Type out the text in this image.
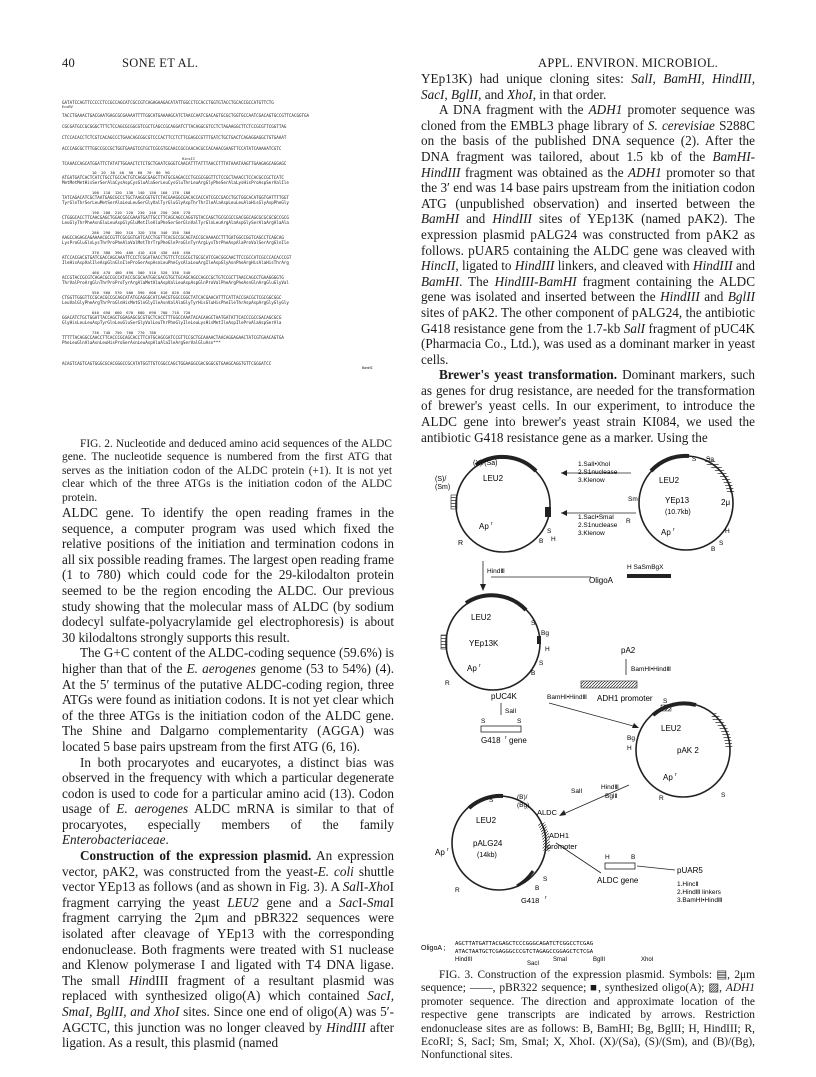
40	SONE ET AL.	APPL. ENVIRON. MICROBIOL.
GATATCCAGTTCCCCCTCCGCCAGCATCGCCGTCAGAGAAGACATATTGGCCTCCACCTGGTGTACCTGCACCGCCATGTTCTG
EcoRV
TACCTGAAACTGACGAATGAGCGCGAAAATTTTGGCATGAAAAGCATCTAACCAATCGACAGTGCGCTGGTGCCAATCGACAGTGCCGTTCACGGTGA
CGCGATGCCGCGGGCTTTCTCCAGCGCGGCGTCGCTCAGCCGCAGGATCTTACAGGCGTCCTCTAGAAGGCTTCTCCGCGTTCGGTTAG
CTCCACACCTCTCGTCACAGCCCTGAACAGCGGCGTCCCACTTCCTCTTCGAGCCGTTTGATCTGCTGACTCAGAGGAGGCTGTGAAAT
ACCCAGCGCTTTGGCCGCCGCTGGTGAAGTCGTGCTCGCGTGCAACCGCCAACACGCCACAAACGAAGTTCCATATCAAAAATCGTC
HincII
TCAAACCAGCATGGATTCTATATTGGAACTCTCTGCTGAATCGGGTCAACATTTATTTAACCTTTATAAATAAGTTGAAGAGCAGGAGC
10  20  30  40  50  60  70  80  90
ATGATGATCACTCATCTGCCTGCCACTGTCAGGCGAGCTTATGCGAGACCCTGCGCGGGTTCTCCGCTAAACCTCCACGCCGCTCATC
MetMetMetHisSerSerAlaCysAspCysGluAlaSerLeuCysGluThrLeuArgGlyPheSerAlaLysHisProAspSerValIle
100  110  120  130  140  150  160  170  180
TATCAGACATCGCTAATGAGCGCCCTGCTAAGCGGTGTCTACGAAGGCGACACCACCATCGCCGACCTGCTGGCACATGGTGATTTTGGT
TyrGlnThrSerLeuMetSerAlaLeuLeuSerGlyValTyrGluGlyAspThrThrIleAlaAspLeuLeuAlaHisGlyAspPheGly
190  200  210  220  230  240  250  260  270
CTGGGCACCTTCAACGAGCTGGACGGCGAAATGATTGCCTTCAGCAGCCAGGTGTACCAGCTGCGCGCCGACGGCAGCGCGCGCGCCGCG
LeuGlyThrPheAsnGluLeuAspGlyGluMetIleAlaPheSerSerGlnValTyrGlnLeuArgAlaAspGlySerAlaArgAlaAla
280  290  300  310  320  330  340  350  360
AAGCCAGAGCAGAAAACGCCGTTCGCGGTGATCACCTGGTTCACGCCGCAGTACCGCAAAACCTTTGATGGCCGGTCAGCCTCAGCAG
LysProGluGlnLysThrProPheAlaValMetThrTrpPheGlnProGlnTyrArgLysThrPheAspAlaProValSerArgGlnIle
370  380  390  400  410  420  430  440  450
ATCCACGACGTGATCGACCAGCAAATTCCCTCGGATAACCTGTTCTCCGCGCTGCGCATCGACGGCAACTTCCGCCATCGCCCACACCCGT
IleHisAspValIleAspGlnGlnIleProSerAspAsnLeuPheCysAlaLeuArgIleAspGlyAsnPheArgHisAlaHisThrArg
460  470  480  490  500  510  520  530  540
ACCGTACCGCGTCAGACGCCGCCATACCGCGCAATGGCGACGTGCTGCAGCAGCCAGCCGCTGTCCGCTTAACCAGCCTGAAGGGGTG
ThrValProArgGlnThrProProTyrArgAlaMetAlaAspValLeuAspAspGlnProValPheArgPheAsnGlnArgGluGlyVal
550  560  570  580  590  600  610  620  630
CTGGTTGGGTTCCGCACGCCGCAGCATATGCAGGGCATCAACGTGGCCGGCTATCACGAACATTTCATTACCGACGCTCGCGGCGGC
LeuValGlyPheArgThrProGlnHisMetGlnGlyIleAsnValAlaGlyTyrHisGluHisPheIleThrAspAspArgGlyGlyGly
640  650  660  670  680  690  700  710  720
GGACATCTGCTGGATTACCAGCTGGAGAGCGCGTGCTCACCTTTGGCCAAATACACAAGCTAATGATATTCACCCGCCGACAGCGCG
GlyHisLeuLeuAspTyrGlnLeuGluSerGlyValLeuThrPheGlyIleLeuLysHisMetIleAspIleProAlaAspSerAla
730  740  750  760  770  780
TTTTTACAGGCCAACCTTCACCCGCAGCACCTTCATGCAGCGATCCGTTCCGCTGCAAAACTAACAGGAGAACTATCGTGAACAGTGA
PheLeuGlnAlaAsnLeuHisProSerAsnLeuAspAlaAlaIleArgSerValGluAsn***
ACAGTCAGTCAGTGGGCGCACGGGCCGCATATGGTTGTCGGCCAGCTGGAAGGCGACGGGCGTGAAGCAGGTGTTCGGGATCC
BamHI

FIG. 2. Nucleotide and deduced amino acid sequences of the ALDC gene. The nucleotide sequence is numbered from the first ATG that serves as the initiation codon of the ALDC protein (+1). It is not yet clear which of the three ATGs is the initiation codon of the ALDC protein.

ALDC gene. To identify the open reading frames in the sequence, a computer program was used which fixed the relative positions of the initiation and termination codons in all six possible reading frames. The largest open reading frame (1 to 780) which could code for the 29-kilodalton protein seemed to be the region encoding the ALDC. Our previous study showing that the molecular mass of ALDC (by sodium dodecyl sulfate-polyacrylamide gel electrophoresis) is about 30 kilodaltons strongly supports this result.

The G+C content of the ALDC-coding sequence (59.6%) is higher than that of the E. aerogenes genome (53 to 54%) (4). At the 5′ terminus of the putative ALDC-coding region, three ATGs were found as initiation codons. It is not yet clear which of the three ATGs is the initiation codon of the ALDC gene. The Shine and Dalgarno complementarity (AGGA) was located 5 base pairs upstream from the first ATG (6, 16).

In both procaryotes and eucaryotes, a distinct bias was observed in the frequency with which a particular degenerate codon is used to code for a particular amino acid (13). Codon usage of E. aerogenes ALDC mRNA is similar to that of procaryotes, especially members of the family Enterobacteriaceae.

Construction of the expression plasmid. An expression vector, pAK2, was constructed from the yeast-E. coli shuttle vector YEp13 as follows (and as shown in Fig. 3). A SalI-XhoI fragment carrying the yeast LEU2 gene and a SacI-SmaI fragment carrying the 2μm and pBR322 sequences were isolated after cleavage of YEp13 with the corresponding endonuclease. Both fragments were treated with S1 nuclease and Klenow polymerase I and ligated with T4 DNA ligase. The small HindIII fragment of a resultant plasmid was replaced with synthesized oligo(A) which contained SacI, SmaI, BglII, and XhoI sites. Since one end of oligo(A) was 5′-AGCTC, this junction was no longer cleaved by HindIII after ligation. As a result, this plasmid (named

YEp13K) had unique cloning sites: SalI, BamHI, HindIII, SacI, BglII, and XhoI, in that order.

A DNA fragment with the ADH1 promoter sequence was cloned from the EMBL3 phage library of S. cerevisiae S288C on the basis of the published DNA sequence (2). After the DNA fragment was tailored, about 1.5 kb of the BamHI-HindIII fragment was obtained as the ADH1 promoter so that the 3′ end was 14 base pairs upstream from the initiation codon ATG (unpublished observation) and inserted between the BamHI and HindIII sites of YEp13K (named pAK2). The expression plasmid pALG24 was constructed from pAK2 as follows. pUAR5 containing the ALDC gene was cleaved with HincII, ligated to HindIII linkers, and cleaved with HindIII and BamHI. The HindIII-BamHI fragment containing the ALDC gene was isolated and inserted between the HindIII and BglII sites of pAK2. The other component of pALG24, the antibiotic G418 resistance gene from the 1.7-kb SalI fragment of pUC4K (Pharmacia Co., Ltd.), was used as a dominant marker in yeast cells.

Brewer's yeast transformation. Dominant markers, such as genes for drug resistance, are needed for the transformation of brewer's yeast cells. In our experiment, to introduce the ALDC gene into brewer's yeast strain KI084, we used the antibiotic G418 resistance gene as a marker. Using the

(X)/(Sa)
(S)/
(Sm)
LEU2
Ap r
R
S
B H
LEU2
2μ
YEp13
(10.7kb)
Ap r
S Sa
R
Sm
S
H
B
1.SalI•XhoI
2.S1nuclease
3.Klenow
1.SacI•SmaI
2.S1nuclease
3.Klenow
HindⅢ
OligoA
H SaSmBgX
LEU2
YEp13K
Ap r
S
Bg
H
S
B
R
pA2
BamHI•HindⅢ
ADH1 promoter
BamHI•HindⅢ
LEU2
pAK 2
Ap r
Bg
H
S
S
R
pUC4K
SalI
S	S
G418 r gene
HindⅢ
BglⅡ
SalI
LEU2
pALG24
(14kb)
Ap r
(B)/
(Bg)
ALDC
ADH1
promoter
S
B
G418 r
R
S
H	B
ALDC gene
pUAR5
1.HincⅡ
2.HindⅢ linkers
3.BamHI•HindⅢ
OligoA ;
AGCTTATGATTACGAGCTCCCGGGCAGATCTCGGCCTCGAG
ATACTAATGCTCGAGGGCCCGTCTAGAGCCGGAGCTCTCGA
HindIII
SacI
SmaI	BglII	XhoI

FIG. 3. Construction of the expression plasmid. Symbols: ▤, 2μm sequence; ——, pBR322 sequence; ■, synthesized oligo(A); ▨, ADH1 promoter sequence. The direction and approximate location of the respective gene transcripts are indicated by arrows. Restriction endonuclease sites are as follows: B, BamHI; Bg, BglII; H, HindIII; R, EcoRI; S, SacI; Sm, SmaI; X, XhoI. (X)/(Sa), (S)/(Sm), and (B)/(Bg), Nonfunctional sites.
